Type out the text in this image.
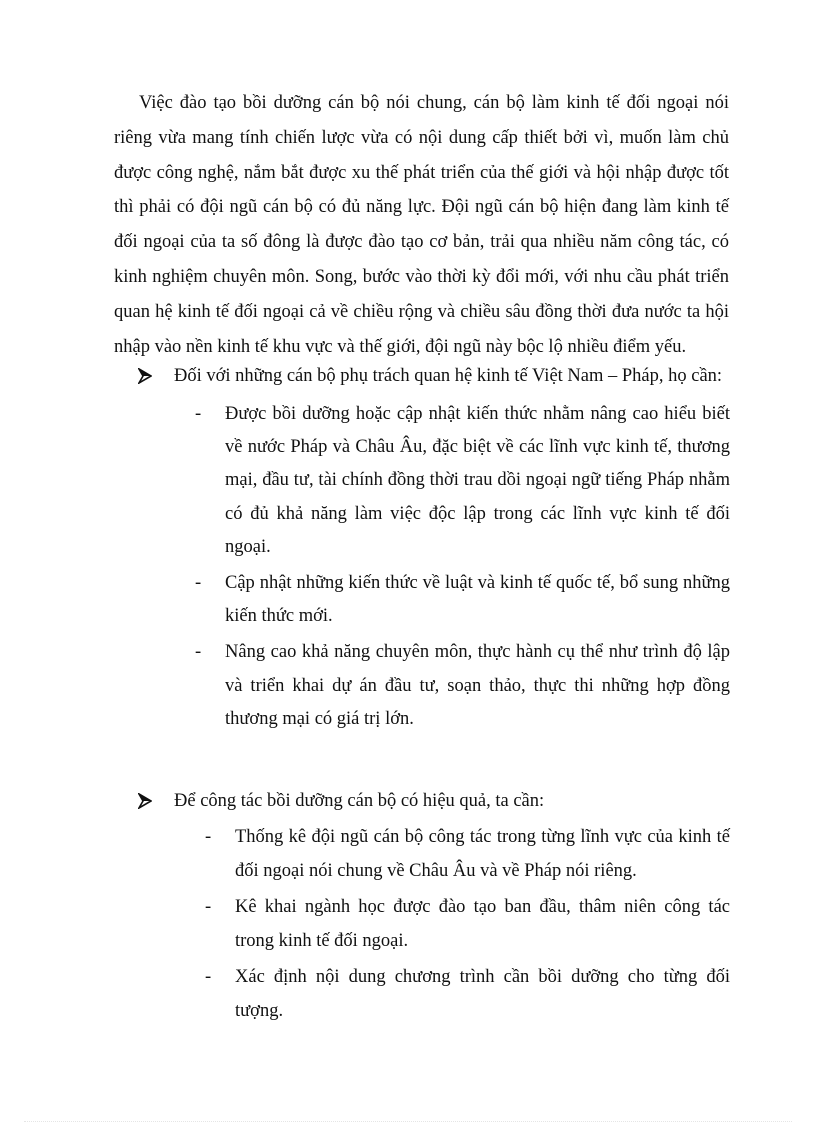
Việc đào tạo bồi dưỡng cán bộ nói chung, cán bộ làm kinh tế đối ngoại nói riêng vừa mang tính chiến lược vừa có nội dung cấp thiết bởi vì, muốn làm chủ được công nghệ, nắm bắt được xu thế phát triển của thế giới và hội nhập được tốt thì phải có đội ngũ cán bộ có đủ năng lực. Đội ngũ cán bộ hiện đang làm kinh tế đối ngoại của ta số đông là được đào tạo cơ bản, trải qua nhiều năm công tác, có kinh nghiệm chuyên môn. Song, bước vào thời kỳ đổi mới, với nhu cầu phát triển quan hệ kinh tế đối ngoại cả về chiều rộng và chiều sâu đồng thời đưa nước ta hội nhập vào nền kinh tế khu vực và thế giới, đội ngũ này bộc lộ nhiều điểm yếu.

Đối với những cán bộ phụ trách quan hệ kinh tế Việt Nam – Pháp, họ cần:
- Được bồi dưỡng hoặc cập nhật kiến thức nhằm nâng cao hiểu biết về nước Pháp và Châu Âu, đặc biệt về các lĩnh vực kinh tế, thương mại, đầu tư, tài chính đồng thời trau dồi ngoại ngữ tiếng Pháp nhằm có đủ khả năng làm việc độc lập trong các lĩnh vực kinh tế đối ngoại.
- Cập nhật những kiến thức về luật và kinh tế quốc tế, bổ sung những kiến thức mới.
- Nâng cao khả năng chuyên môn, thực hành cụ thể như trình độ lập và triển khai dự án đầu tư, soạn thảo, thực thi những hợp đồng thương mại có giá trị lớn.
Để công tác bồi dưỡng cán bộ có hiệu quả, ta cần:
- Thống kê đội ngũ cán bộ công tác trong từng lĩnh vực của kinh tế đối ngoại nói chung về Châu Âu và về Pháp nói riêng.
- Kê khai ngành học được đào tạo ban đầu, thâm niên công tác trong kinh tế đối ngoại.
- Xác định nội dung chương trình cần bồi dưỡng cho từng đối tượng.
